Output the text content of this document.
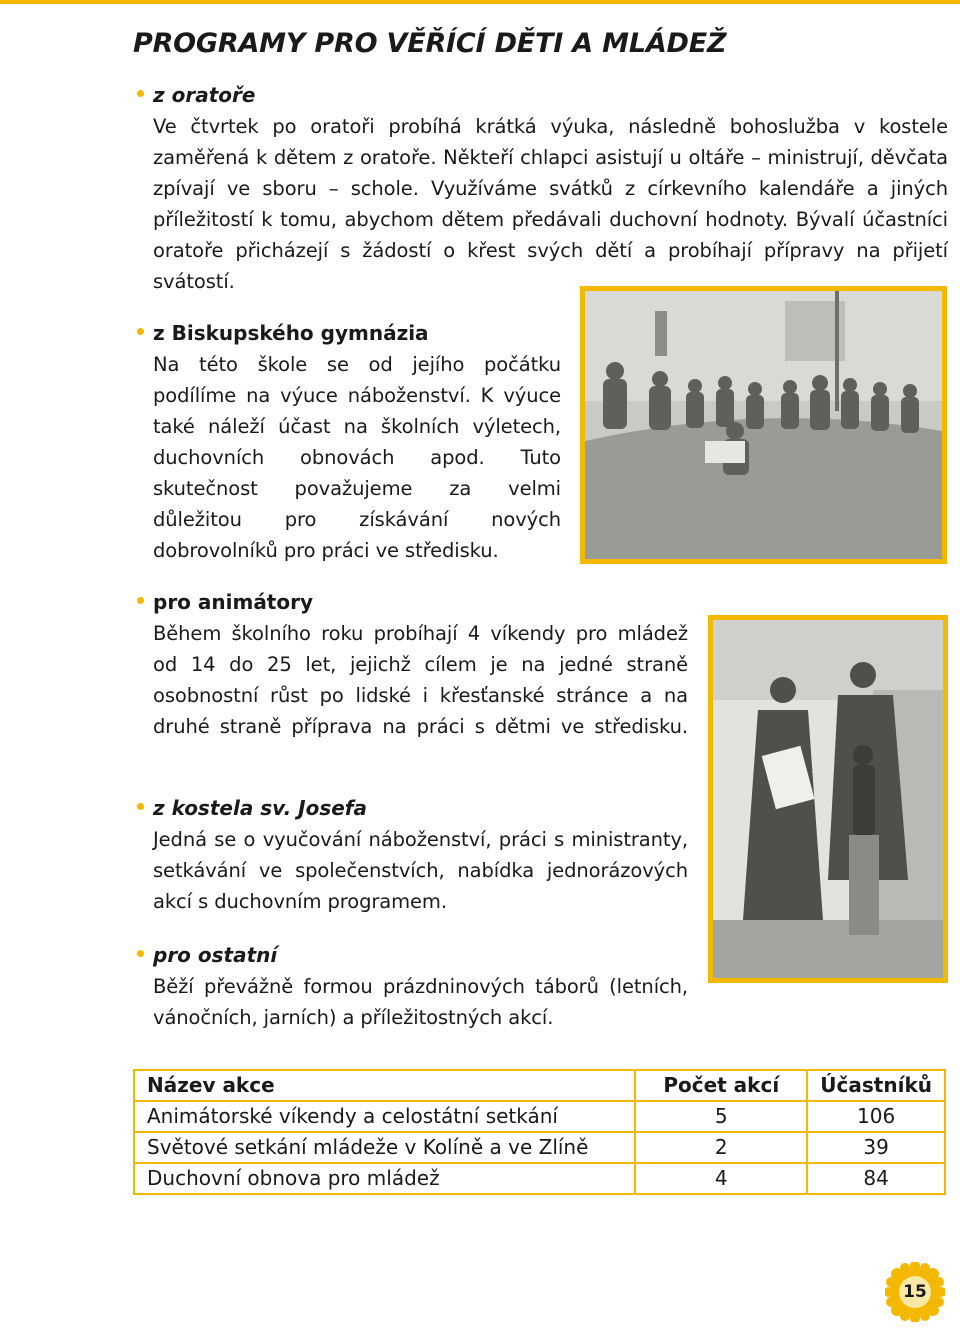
PROGRAMY PRO VĚŘÍCÍ DĚTI A MLÁDEŽ
z oratoře
Ve čtvrtek po oratoři probíhá krátká výuka, následně bohoslužba v kostele zaměřená k dětem z oratoře. Někteří chlapci asistují u oltáře – ministrují, děvčata zpívají ve sboru – schole. Využíváme svátků z církevního kalendáře a jiných příležitostí k tomu, abychom dětem předávali duchovní hodnoty. Bývalí účastníci oratoře přicházejí s žádostí o křest svých dětí a probíhají přípravy na přijetí svátostí.
z Biskupského gymnázia
Na této škole se od jejího počátku podílíme na výuce náboženství. K výuce také náleží účast na školních výletech, duchovních obnovách apod. Tuto skutečnost považujeme za velmi důležitou pro získávání nových dobrovolníků pro práci ve středisku.
pro animátory
Během školního roku probíhají 4 víkendy pro mládež od 14 do 25 let, jejichž cílem je na jedné straně osobnostní růst po lidské i křesťanské stránce a na druhé straně příprava na práci s dětmi ve středisku.
z kostela sv. Josefa
Jedná se o vyučování náboženství, práci s ministranty, setkávání ve společenstvích, nabídka jednorázových akcí s duchovním programem.
pro ostatní
Běží převážně formou prázdninových táborů (letních, vánočních, jarních) a příležitostných akcí.
Název akce	Počet akcí	Účastníků
Animátorské víkendy a celostátní setkání	5	106
Světové setkání mládeže v Kolíně a ve Zlíně	2	39
Duchovní obnova pro mládež	4	84
15
